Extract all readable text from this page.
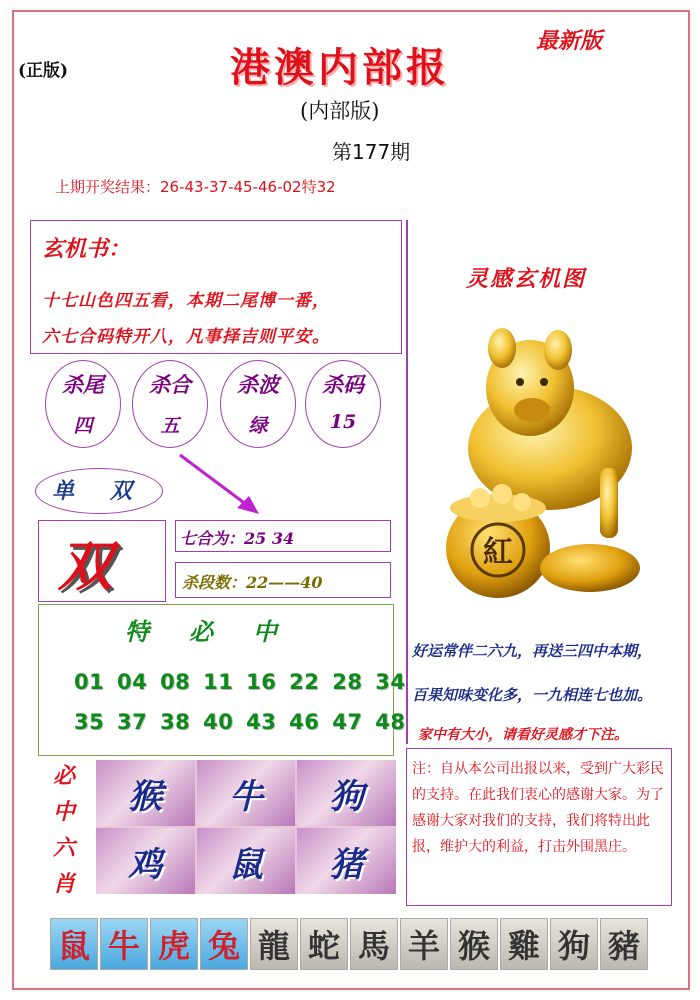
(正版)	港澳内部报
最新版
(内部版)
第177期
上期开奖结果：26-43-37-45-46-02特32
玄机书：
十七山色四五看，本期二尾博一番，
六七合码特开八，凡事择吉则平安。
杀尾
四
杀合
五
杀波
绿
杀码
15
单 双
双	七合为：25 34
杀段数：22——40
特必中
01 04 08 11 16 22 28 34
35 37 38 40 43 46 47 48
必
中
六
肖
猴	牛	狗
鸡	鼠	猪
灵感玄机图
紅
好运常伴二六九，再送三四中本期，
百果知味变化多，一九相连七也加。
家中有大小，请看好灵感才下注。
注：自从本公司出报以来，受到广大彩民的支持。在此我们衷心的感谢大家。为了感谢大家对我们的支持，我们将特出此报，维护大的利益，打击外围黑庄。
鼠 牛 虎 兔 龍 蛇 馬 羊 猴 雞 狗 豬
